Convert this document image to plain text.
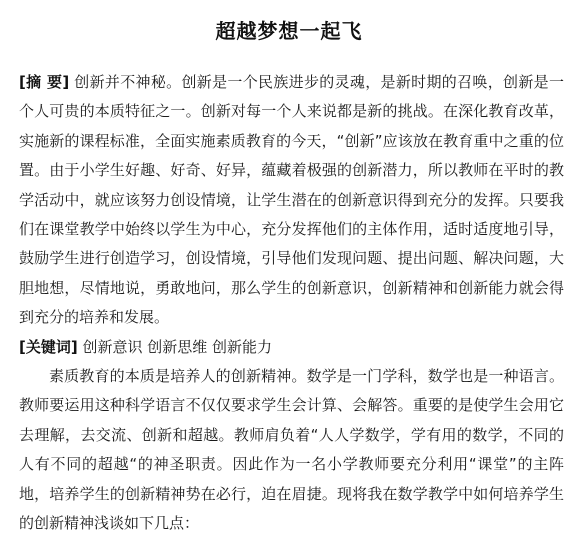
超越梦想一起飞

[摘 要] 创新并不神秘。创新是一个民族进步的灵魂，是新时期的召唤，创新是一个人可贵的本质特征之一。创新对每一个人来说都是新的挑战。在深化教育改革，实施新的课程标准，全面实施素质教育的今天，“创新”应该放在教育重中之重的位置。由于小学生好趣、好奇、好异，蕴藏着极强的创新潜力，所以教师在平时的教学活动中，就应该努力创设情境，让学生潜在的创新意识得到充分的发挥。只要我们在课堂教学中始终以学生为中心，充分发挥他们的主体作用，适时适度地引导，鼓励学生进行创造学习，创设情境，引导他们发现问题、提出问题、解决问题，大胆地想，尽情地说，勇敢地问，那么学生的创新意识，创新精神和创新能力就会得到充分的培养和发展。

[关键词] 创新意识 创新思维 创新能力

素质教育的本质是培养人的创新精神。数学是一门学科，数学也是一种语言。教师要运用这种科学语言不仅仅要求学生会计算、会解答。重要的是使学生会用它去理解，去交流、创新和超越。教师肩负着“人人学数学，学有用的数学，不同的人有不同的超越“的神圣职责。因此作为一名小学教师要充分利用“课堂”的主阵地，培养学生的创新精神势在必行，迫在眉捷。现将我在数学教学中如何培养学生的创新精神浅谈如下几点：
